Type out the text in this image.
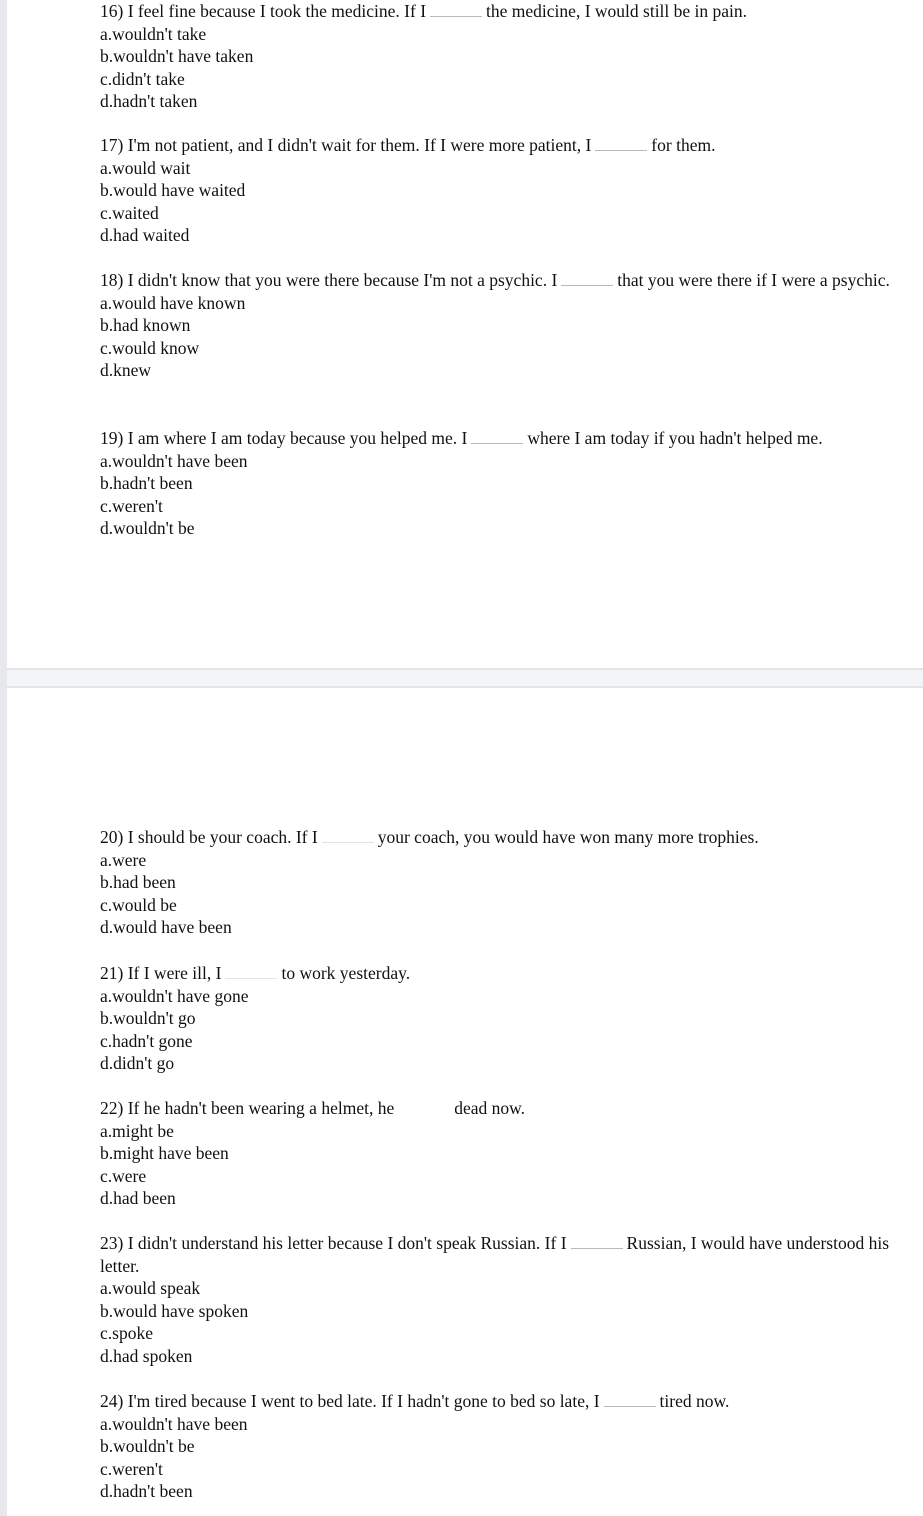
16) I feel fine because I took the medicine. If I	the medicine, I would still be in pain.
a.wouldn't take
b.wouldn't have taken
c.didn't take
d.hadn't taken
17) I'm not patient, and I didn't wait for them. If I were more patient, I	for them.
a.would wait
b.would have waited
c.waited
d.had waited
18) I didn't know that you were there because I'm not a psychic. I	that you were there if I were a psychic.
a.would have known
b.had known
c.would know
d.knew
19) I am where I am today because you helped me. I	where I am today if you hadn't helped me.
a.wouldn't have been
b.hadn't been
c.weren't
d.wouldn't be
20) I should be your coach. If I	your coach, you would have won many more trophies.
a.were
b.had been
c.would be
d.would have been
21) If I were ill, I	to work yesterday.
a.wouldn't have gone
b.wouldn't go
c.hadn't gone
d.didn't go
22) If he hadn't been wearing a helmet, he	dead now.
a.might be
b.might have been
c.were
d.had been
23) I didn't understand his letter because I don't speak Russian. If I	Russian, I would have understood his letter.
a.would speak
b.would have spoken
c.spoke
d.had spoken
24) I'm tired because I went to bed late. If I hadn't gone to bed so late, I	tired now.
a.wouldn't have been
b.wouldn't be
c.weren't
d.hadn't been
